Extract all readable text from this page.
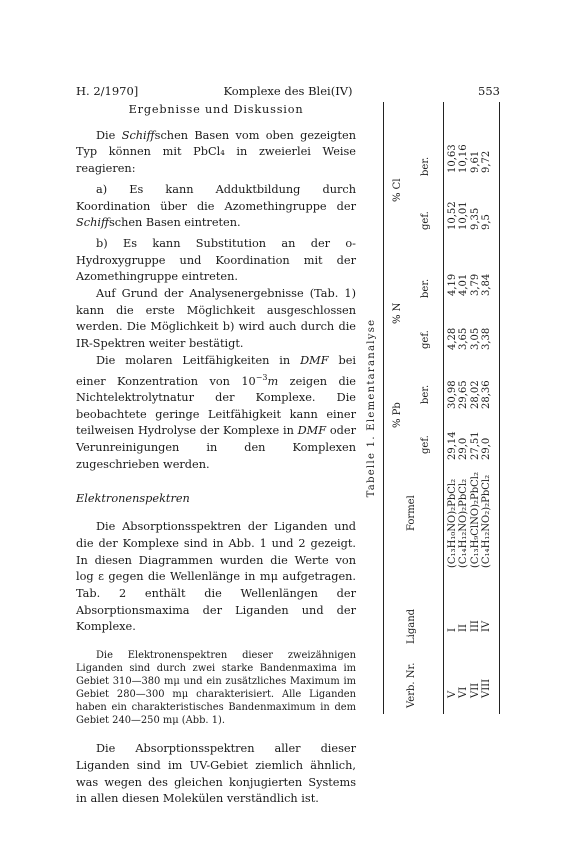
H. 2/1970]	Komplexe des Blei(IV)	553

Ergebnisse und Diskussion

Die Schiffschen Basen vom oben gezeigten Typ können mit PbCl₄ in zweierlei Weise reagieren:

a) Es kann Adduktbildung durch Koordination über die Azomethingruppe der Schiffschen Basen eintreten.

b) Es kann Substitution an der o-Hydroxygruppe und Koordination mit der Azomethingruppe eintreten.

Auf Grund der Analysenergebnisse (Tab. 1) kann die erste Möglichkeit ausgeschlossen werden. Die Möglichkeit b) wird auch durch die IR-Spektren weiter bestätigt.

Die molaren Leitfähigkeiten in DMF bei einer Konzentration von $10^{-3}m$ zeigen die Nichtelektrolytnatur der Komplexe. Die beobachtete geringe Leitfähigkeit kann einer teilweisen Hydrolyse der Komplexe in DMF oder Verunreinigungen in den Komplexen zugeschrieben werden.

Elektronenspektren

Die Absorptionsspektren der Liganden und die der Komplexe sind in Abb. 1 und 2 gezeigt. In diesen Diagrammen wurden die Werte von log ε gegen die Wellenlänge in mμ aufgetragen. Tab. 2 enthält die Wellenlängen der Absorptionsmaxima der Liganden und der Komplexe.

Die Elektronenspektren dieser zweizähnigen Liganden sind durch zwei starke Bandenmaxima im Gebiet 310—380 mμ und ein zusätzliches Maximum im Gebiet 280—300 mμ charakterisiert. Alle Liganden haben ein charakteristisches Bandenmaximum in dem Gebiet 240—250 mμ (Abb. 1).

Die Absorptionsspektren aller dieser Liganden sind im UV-Gebiet ziemlich ähnlich, was wegen des gleichen konjugierten Systems in allen diesen Molekülen verständlich ist.

Tabelle 1. Elementaranalyse
Verb. Nr.
Ligand
Formel
% Pb
gef.
ber.
% N
gef.
ber.
% Cl
gef.
ber.
V VI VII VIII
I II III IV
(C₁₃H₁₀NO)₂PbCl₂ (C₁₄H₁₂NO)₂PbCl₂ (C₁₃H₉ClNO)₂PbCl₂ (C₁₄H₁₂NO₂)₂PbCl₂
29,14 29,0 27,51 29,0
30,98 29,65 28,02 28,36
4,28 3,65 3,05 3,38
4,19 4,01 3,79 3,84
10,52 10,01 9,35 9,5
10,63 10,16 9,61 9,72
